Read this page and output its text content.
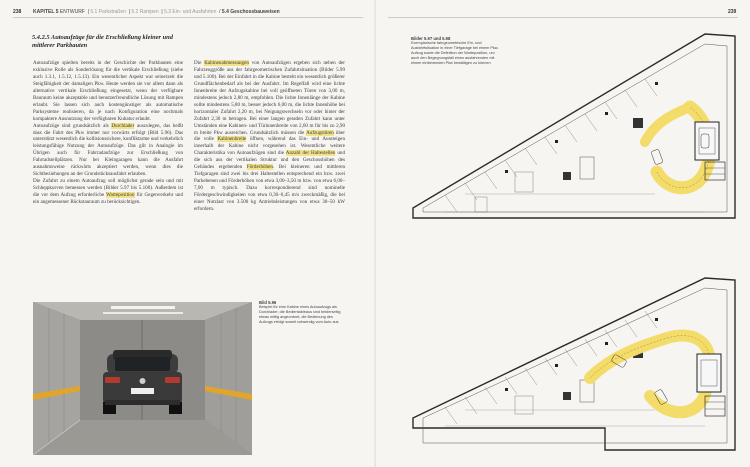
238 KAPITEL 5 ENTWURF  | 5.1 Parkstraßen  | 5.2 Rampen  | 5.3 Ein- und Ausfahrten  / 5.4 Geschossbauweisen	239
5.4.2.5 Autoaufzüge für die Erschließung kleiner und mittlerer Parkbauten

Autoaufzüge spielten bereits in der Geschichte der Parkbauten eine exklusive Rolle als Sonderlösung für die vertikale Erschließung (siehe auch 1.3.1, 1.5.12, 1.5.13). Ein wesentlicher Aspekt war seinerzeit die Steigfähigkeit der damaligen Pkw. Heute werden sie vor allem dann als alternative vertikale Erschließung eingesetzt, wenn der verfügbare Bauraum keine akzeptable und benutzerfreundliche Lösung mit Rampen erlaubt. Sie lassen sich auch kostengünstiger als automatische Parksysteme realisieren, da je nach Konfiguration eine nochmals kompaktere Ausnutzung der verfügbaren Kubatur erlaubt.

Autoaufzüge sind grundsätzlich als Durchlader auszulegen, das heißt dass die Fahrt des Pkw immer nur vorwärts erfolgt (Bild 5.96). Das unterstützt wesentlich die kollisionssichere, konfliktarme und verkehrlich leistungsfähige Nutzung der Autoaufzüge. Das gilt in Analogie im Übrigen auch für Fahrradaufzüge zur Erschließung von Fahrradstellplätzen. Nur bei Kleingaragen kann die Ausfahrt ausnahmsweise rückwärts akzeptiert werden, wenn dies die Sichtbeziehungen an der Grundstücksausfahrt erlauben.

Die Zufahrt zu einem Autoaufzug soll möglichst gerade sein und mit Schleppkurven bemessen werden (Bilder 5.97 bis 5.100). Außerdem ist die vor dem Aufzug erforderliche Warteposition für Gegenverkehr und ein angemessener Rückstauraum zu berücksichtigen.

Die Kabinenabmessungen von Autoaufzügen ergeben sich neben der Fahrzeuggröße aus der fahrgeometrischen Zufahrtsituation (Bilder 5.99 und 5.100). Bei der Einfahrt in die Kabine besteht ein wesentlich größerer Grundflächenbedarf als bei der Ausfahrt. Im Regelfall wird eine lichte Innenbreite der Aufzugskabine bei voll geöffneten Türen von 3,00 m, mindestens jedoch 2,80 m, empfohlen. Die lichte Innenlänge der Kabine sollte mindestens 5,80 m, besser jedoch 6,00 m, die lichte Innenhöhe bei horizontaler Zufahrt 2,20 m, bei Neigungswechseln vor oder hinter der Zufahrt 2,30 m betragen. Bei einer langen geraden Zufahrt kann unter Umständen eine Kabinen- und Türinnenbreite von 2,60 m für bis zu 2,90 m breite Pkw ausreichen. Grundsätzlich müssen die Aufzugstüren über die volle Kabinenbreite öffnen, während das Ein- und Aussteigen innerhalb der Kabine nicht vorgesehen ist. Wesentliche weitere Charakteristika von Autoaufzügen sind die Anzahl der Haltestellen und die sich aus der vertikalen Struktur und den Geschosshöhen des Gebäudes ergebenden Förderhöhen. Bei kleineren und mittleren Tiefgaragen sind zwei bis drei Haltestellen entsprechend ein bzw. zwei Parkebenen und Förderhöhen von etwa 3,00–3,50 m bzw. von etwa 6,00–7,00 m typisch. Dazu korrespondierend sind nominelle Fördergeschwindigkeiten von etwa 0,30–0,45 m/s zweckmäßig, die bei einer Nutzlast von 3.500 kg Antriebsleistungen von etwa 30–50 kW erfordern.

Bild 5.96
Beispiel für eine Kabine eines Autoaufzugs als Durchlader; die Bedientableaus sind beiderseitig etwas mittig angeordnet, die Bedienung des Aufzugs erfolgt soweit notwendig vom Auto aus
Bilder 5.97 und 5.98
Exemplarische fahrgeometrische Ein- und Ausfahrtsituation in einer Tiefgarage bei einem Pkw-Aufzug sowie die Definition der Warteposition, um auch den Begegnungsfall eines ausfahrenden mit einem einfahrenden Pkw bewältigen zu können
